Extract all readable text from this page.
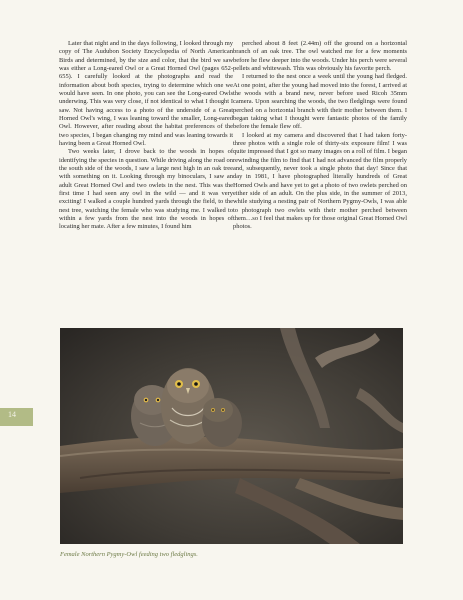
Later that night and in the days following, I looked through my copy of The Audubon Society Encyclopedia of North American Birds and determined, by the size and color, that the bird we saw was either a Long-eared Owl or a Great Horned Owl (pages 652-655). I carefully looked at the photographs and read the information about both species, trying to determine which one we would have seen. In one photo, you can see the Long-eared Owls underwing. This was very close, if not identical to what I thought I saw. Not having access to a photo of the underside of a Great Horned Owl's wing, I was leaning toward the smaller, Long-eared Owl. However, after reading about the habitat preferences of the two species, I began changing my mind and was leaning towards it having been a Great Horned Owl.

Two weeks later, I drove back to the woods in hopes of identifying the species in question. While driving along the road on the south side of the woods, I saw a large nest high in an oak tree with something on it. Looking through my binoculars, I saw an adult Great Horned Owl and two owlets in the nest. This was the first time I had seen any owl in the wild — and it was very exciting! I walked a couple hundred yards through the field, to the nest tree, watching the female who was studying me. I walked to within a few yards from the nest into the woods in hopes of locating her mate. After a few minutes, I found him

perched about 8 feet (2.44m) off the ground on a horizontal branch of an oak tree. The owl watched me for a few moments before he flew deeper into the woods. Under his perch were several pellets and whitewash. This was obviously his favorite perch.

I returned to the nest once a week until the young had fledged. At one point, after the young had moved into the forest, I arrived at the woods with a brand new, never before used Ricoh 35mm camera. Upon searching the woods, the two fledglings were found perched on a horizontal branch with their mother between them. I began taking what I thought were fantastic photos of the family before the female flew off.

I looked at my camera and discovered that I had taken forty-three photos with a single role of thirty-six exposure film! I was quite impressed that I got so many images on a roll of film. I began rewinding the film to find that I had not advanced the film properly and, subsequently, never took a single photo that day! Since that day in 1981, I have photographed literally hundreds of Great Horned Owls and have yet to get a photo of two owlets perched on either side of an adult. On the plus side, in the summer of 2013, while studying a nesting pair of Northern Pygmy-Owls, I was able to photograph two owlets with their mother perched between them…so I feel that makes up for those original Great Horned Owl photos.

14
Female Northern Pygmy-Owl feeding two fledglings.
